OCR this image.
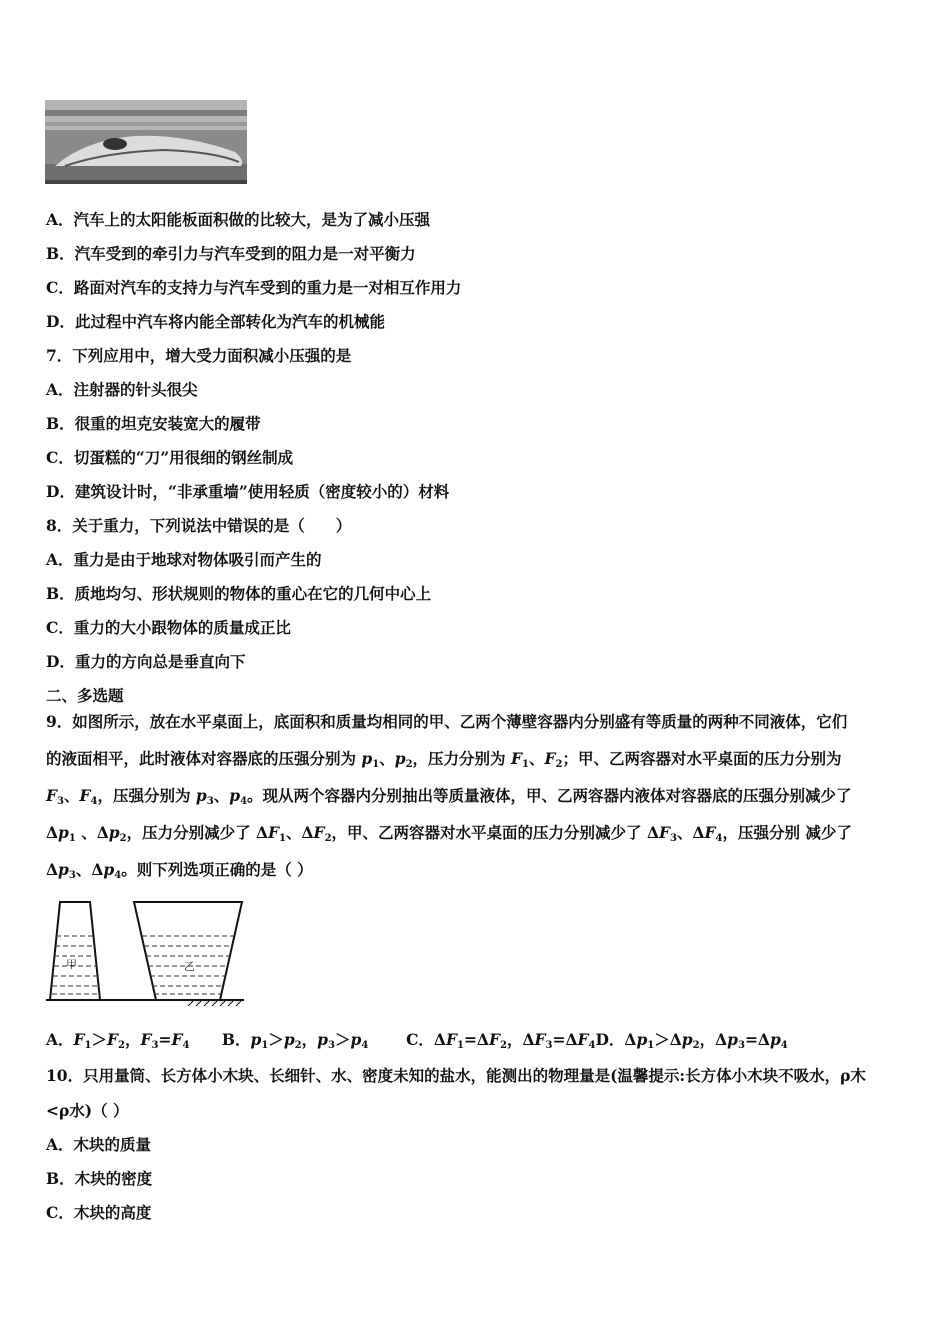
A．汽车上的太阳能板面积做的比较大，是为了减小压强
B．汽车受到的牵引力与汽车受到的阻力是一对平衡力
C．路面对汽车的支持力与汽车受到的重力是一对相互作用力
D．此过程中汽车将内能全部转化为汽车的机械能
7．下列应用中，增大受力面积减小压强的是
A．注射器的针头很尖
B．很重的坦克安装宽大的履带
C．切蛋糕的“刀”用很细的钢丝制成
D．建筑设计时，“非承重墙”使用轻质（密度较小的）材料
8．关于重力，下列说法中错误的是（　　）
A．重力是由于地球对物体吸引而产生的
B．质地均匀、形状规则的物体的重心在它的几何中心上
C．重力的大小跟物体的质量成正比
D．重力的方向总是垂直向下
二、多选题
9．如图所示，放在水平桌面上，底面积和质量均相同的甲、乙两个薄壁容器内分别盛有等质量的两种不同液体，它们
的液面相平，此时液体对容器底的压强分别为 $p_1$、$p_2$，压力分别为 $F_1$、$F_2$；甲、乙两容器对水平桌面的压力分别为
$F_3$、$F_4$，压强分别为 $p_3$、$p_4$。现从两个容器内分别抽出等质量液体，甲、乙两容器内液体对容器底的压强分别减少了
$\Delta p_1$ 、$\Delta p_2$，压力分别减少了 $\Delta F_1$、$\Delta F_2$，甲、乙两容器对水平桌面的压力分别减少了 $\Delta F_3$、$\Delta F_4$，压强分别 减少了
$\Delta p_3$、$\Delta p_4$。则下列选项正确的是（ ）
甲	乙
A．$F_1>F_2$，$F_3=F_4$ B．$p_1>p_2$，$p_3>p_4$ C．$\Delta F_1=\Delta F_2$，$\Delta F_3=\Delta F_4D$．$\Delta p_1>\Delta p_2$，$\Delta p_3=\Delta p_4$
10．只用量筒、长方体小木块、长细针、水、密度未知的盐水，能测出的物理量是(温馨提示:长方体小木块不吸水，ρ木
<ρ水)（ ）
A．木块的质量
B．木块的密度
C．木块的高度
